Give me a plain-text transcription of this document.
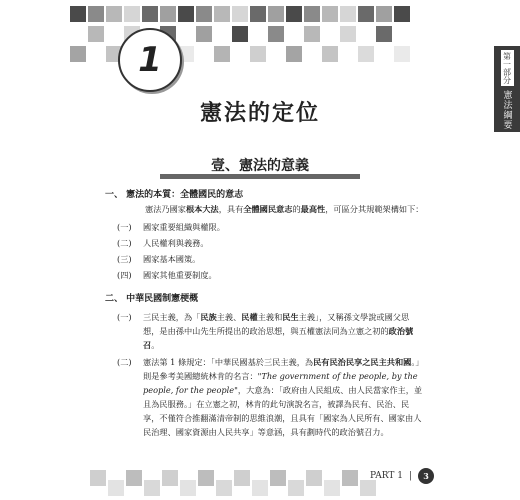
1
憲法的定位
第一部分
憲法綱要
壹、憲法的意義
一、 憲法的本質：全體國民的意志
憲法乃國家根本大法，具有全體國民意志的最高性，可區分其規範架構如下：
(一)	國家重要組織與權限。
(二)	人民權利與義務。
(三)	國家基本國策。
(四)	國家其他重要制度。
二、 中華民國制憲梗概
(一)	三民主義，為「民族主義、民權主義和民生主義」，又稱孫文學說或國父思想，是由孫中山先生所提出的政治思想，與五權憲法同為立憲之初的政治號召。
(二)	憲法第 1 條規定：「中華民國基於三民主義，為民有民治民享之民主共和國。」則是參考美國總統林肯的名言："The government of the people, by the people, for the people"，大意為：「政府由人民組成、由人民當家作主，並且為民服務。」在立憲之初，林肯的此句演說名言，被譯為民有、民治、民享，不僅符合推翻滿清帝制的思維浪潮，且具有「國家為人民所有、國家由人民治理、國家資源由人民共享」等意涵，具有劃時代的政治號召力。
PART 1 |	3
